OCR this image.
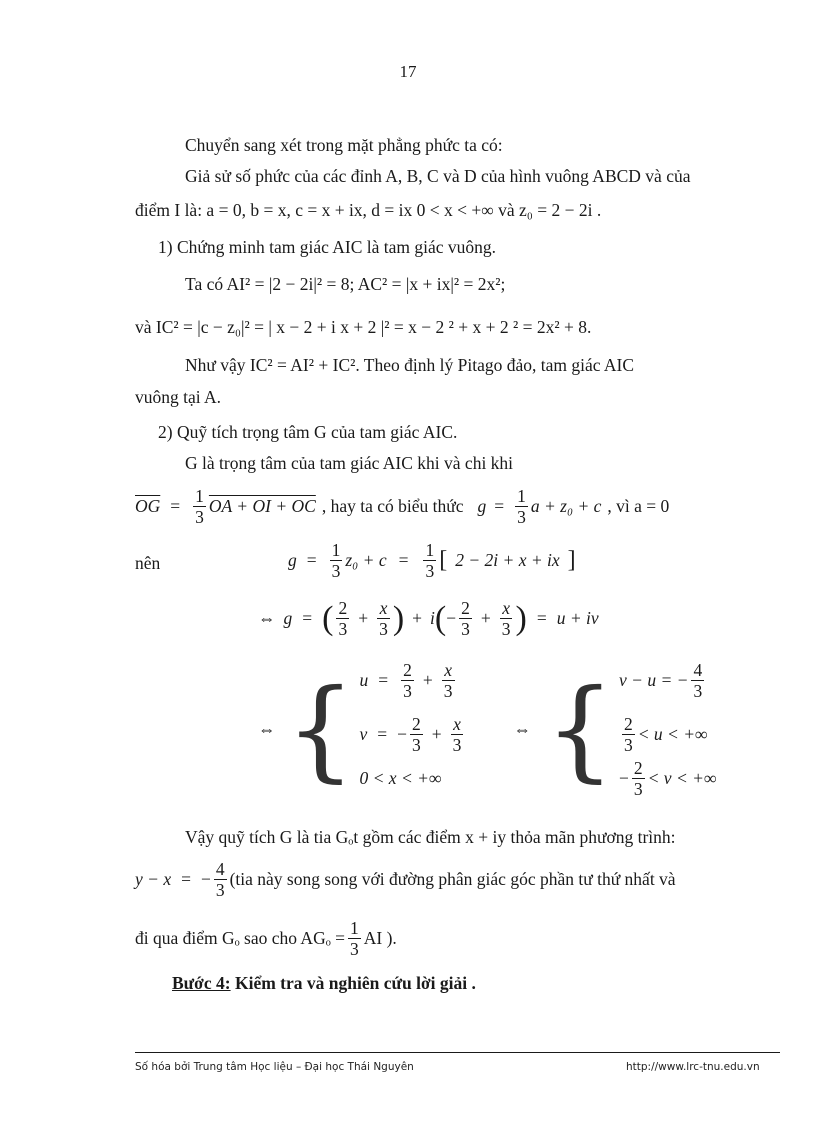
17
Chuyển sang xét trong mặt phẳng phức ta có:
Giả sử số phức của các đỉnh A, B, C và D của hình vuông ABCD và của
điểm I là: a = 0, b = x, c = x + ix, d = ix 0 < x < +∞ và z₀ = 2 − 2i .
1) Chứng minh tam giác AIC là tam giác vuông.
Ta có AI² = |2 − 2i|² = 8; AC² = |x + ix|² = 2x²;
và IC² = |c − z₀|² = | x − 2 + i x + 2 |² = x − 2 ² + x + 2 ² = 2x² + 8.
Như vậy IC² = AI² + IC². Theo định lý Pitago đảo, tam giác AIC
vuông tại A.
2) Quỹ tích trọng tâm G của tam giác AIC.
G là trọng tâm của tam giác AIC khi và chi khi
$\overline{OG} = \frac{1}{3}$ OA + OI + OC , hay ta có biểu thức $g = \frac{1}{3}$ a + z₀ + c , vì a = 0
nên	$g = \frac{1}{3} z_0 + c = \frac{1}{3}$ [ 2 − 2i + x + ix ]
⇔ g = ( $\frac{2}{3} + \frac{x}{3}$ ) + i ( − $\frac{2}{3} + \frac{x}{3}$ ) = u + iv
⇔ { $u = \frac{2}{3} + \frac{x}{3}$
v = − $\frac{2}{3} + \frac{x}{3}$
0 < x < +∞
⇔ { v − u = − $\frac{4}{3}$
$\frac{2}{3} < u$ < +∞
− $\frac{2}{3} < v$ < +∞
Vậy quỹ tích G là tia Gₒt gồm các điểm x + iy thỏa mãn phương trình:
y − x = − $\frac{4}{3} (tia$ này song song với đường phân giác góc phần tư thứ nhất và
đi qua điểm Gₒ sao cho $AG_o = \frac{1}{3}$ AI ).
Bước 4: Kiểm tra và nghiên cứu lời giải .
Số hóa bởi Trung tâm Học liệu – Đại học Thái Nguyên	http://www.lrc-tnu.edu.vn
